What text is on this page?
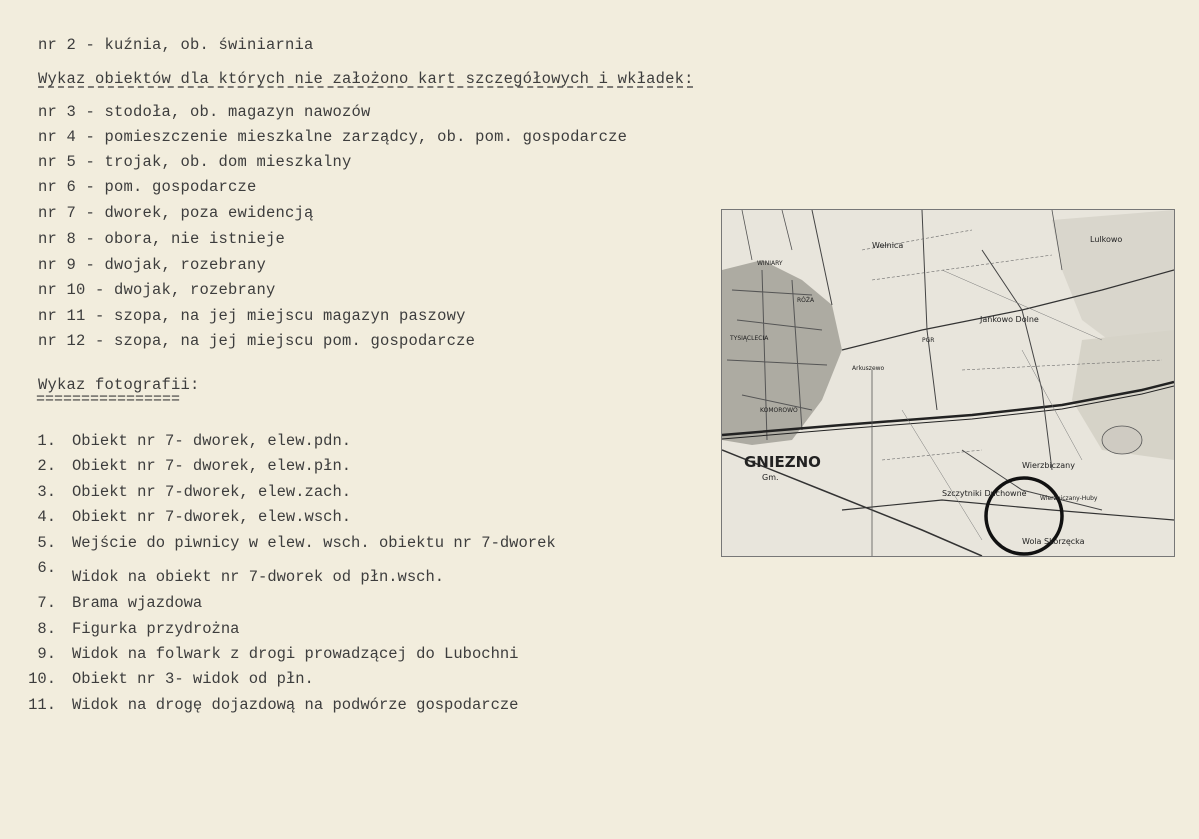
nr 2 - kuźnia, ob. świniarnia
Wykaz obiektów dla których nie założono kart szczegółowych i wkładek:
nr 3 - stodoła, ob. magazyn nawozów
nr 4 - pomieszczenie mieszkalne zarządcy, ob. pom. gospodarcze
nr 5 - trojak, ob. dom mieszkalny
nr 6 - pom. gospodarcze
nr 7 - dworek, poza ewidencją
nr 8 - obora, nie istnieje
nr 9 - dwojak, rozebrany
nr 10 - dwojak, rozebrany
nr 11 - szopa, na jej miejscu magazyn paszowy
nr 12 - szopa, na jej miejscu pom. gospodarcze
Wykaz fotografii:
================
1. Obiekt nr 7- dworek, elew.pdn.
2. Obiekt nr 7- dworek, elew.płn.
3. Obiekt nr 7-dworek, elew.zach.
4. Obiekt nr 7-dworek, elew.wsch.
5. Wejście do piwnicy w elew. wsch. obiektu nr 7-dworek
6. Widok na obiekt nr 7-dworek od płn.wsch.
7. Brama wjazdowa
8. Figurka przydrożna
9. Widok na folwark z drogi prowadzącej do Lubochni
10. Obiekt nr 3- widok od płn.
11. Widok na drogę dojazdową na podwórze gospodarcze
GNIEZNO
Gm.
Wełnica
Lulkowo
Jankowo Dolne
WINIARY
RÓŻA
TYSIĄCLECIA
Arkuszewo
KOMOROWO
Szczytniki Duchowne
Wierzbiczany
Wierzbiczany-Huby
Wola Skorzęcka
PGR
